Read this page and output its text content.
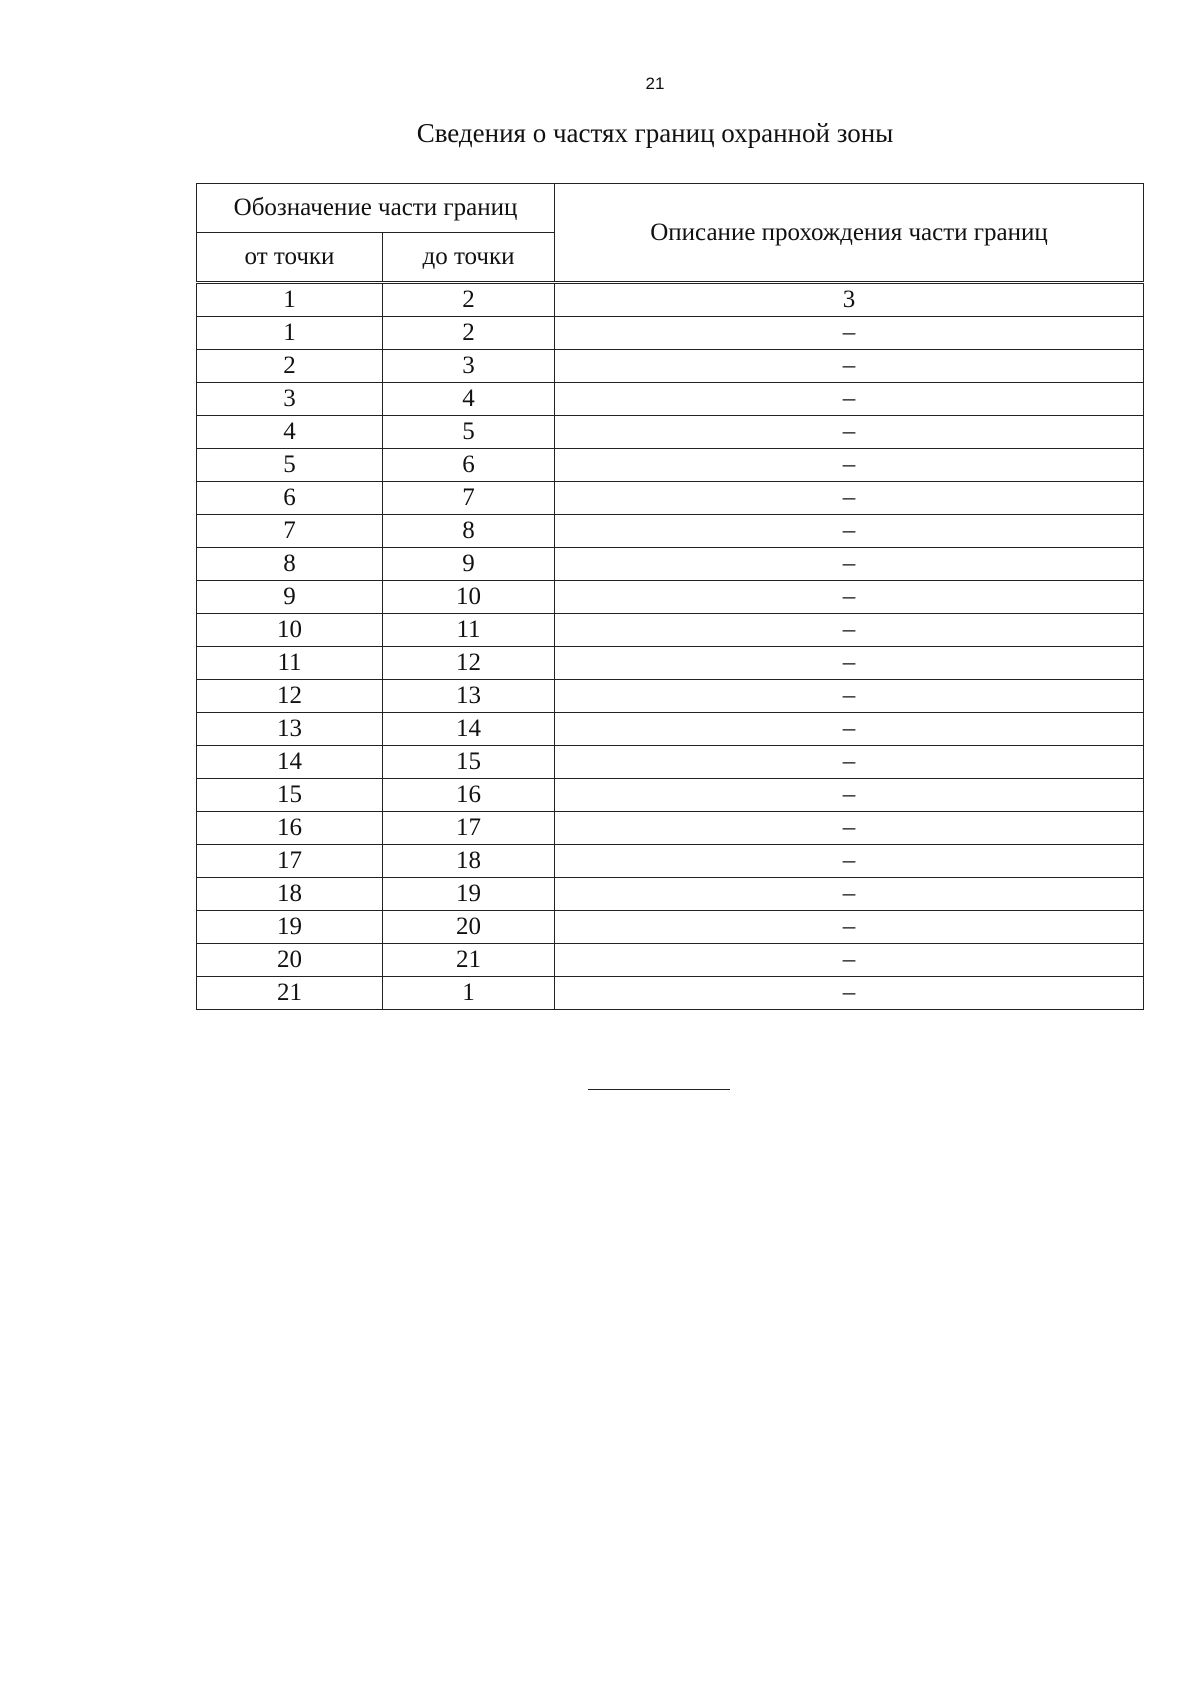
21
Сведения о частях границ охранной зоны
Обозначение части границ		Описание прохождения части границ
от точки	до точки	
1	2	3
1	2	–
2	3	–
3	4	–
4	5	–
5	6	–
6	7	–
7	8	–
8	9	–
9	10	–
10	11	–
11	12	–
12	13	–
13	14	–
14	15	–
15	16	–
16	17	–
17	18	–
18	19	–
19	20	–
20	21	–
21	1	–
